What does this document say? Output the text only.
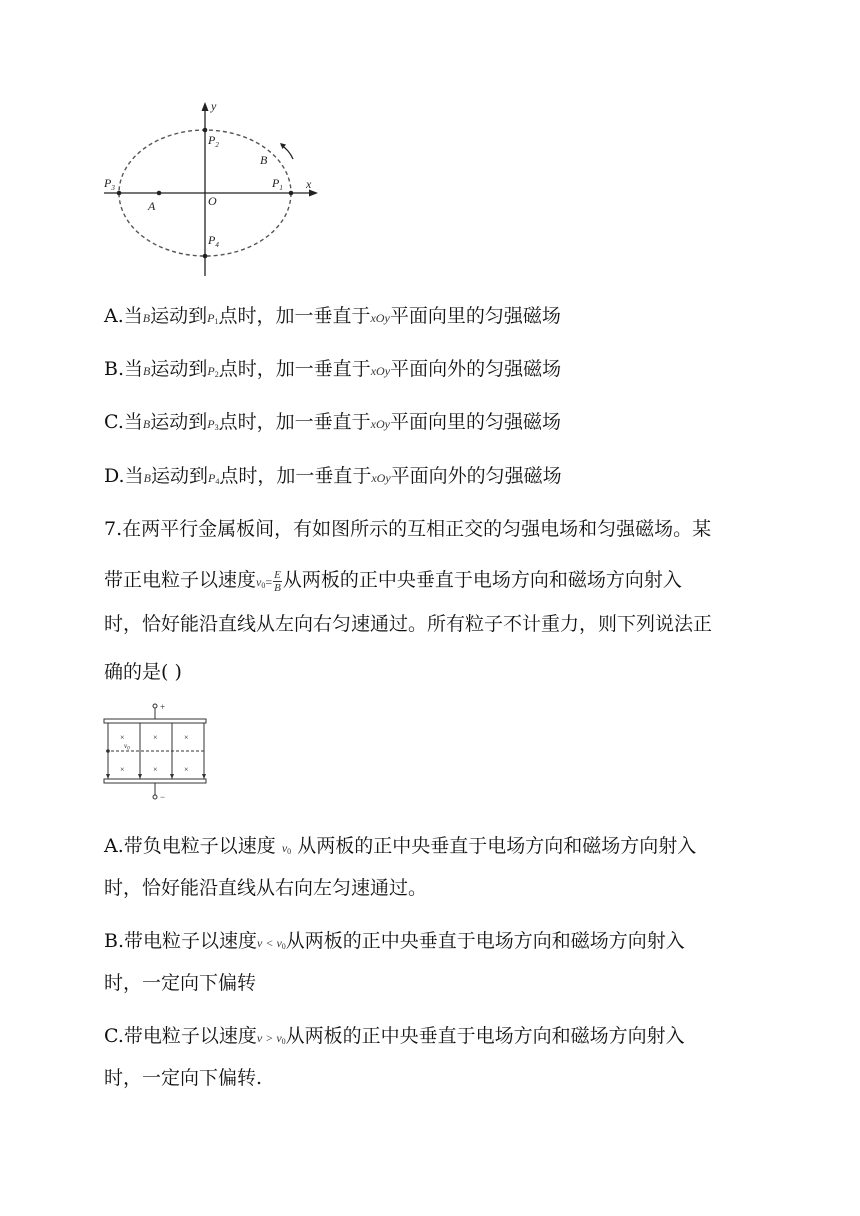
y
x
O
A
B
$P_1$
$P_2$
$P_3$
$P_4$
A.当B运动到$P_1$点时，加一垂直于xOy平面向里的匀强磁场
B.当B运动到$P_2$点时，加一垂直于xOy平面向外的匀强磁场
C.当B运动到$P_3$点时，加一垂直于xOy平面向里的匀强磁场
D.当B运动到$P_4$点时，加一垂直于xOy平面向外的匀强磁场
7.在两平行金属板间，有如图所示的互相正交的匀强电场和匀强磁场。某
带正电粒子以速度$v_0= \frac{E}{B}$ 从两板的正中央垂直于电场方向和磁场方向射入
时，恰好能沿直线从左向右匀速通过。所有粒子不计重力，则下列说法正
确的是( )
+
−
×	×	×
×	×	×
$v_0$
A.带负电粒子以速度 $v_0$ 从两板的正中央垂直于电场方向和磁场方向射入
时，恰好能沿直线从右向左匀速通过。
B.带电粒子以速度$v < v_0$从两板的正中央垂直于电场方向和磁场方向射入
时，一定向下偏转
C.带电粒子以速度$v > v_0$从两板的正中央垂直于电场方向和磁场方向射入
时，一定向下偏转.
